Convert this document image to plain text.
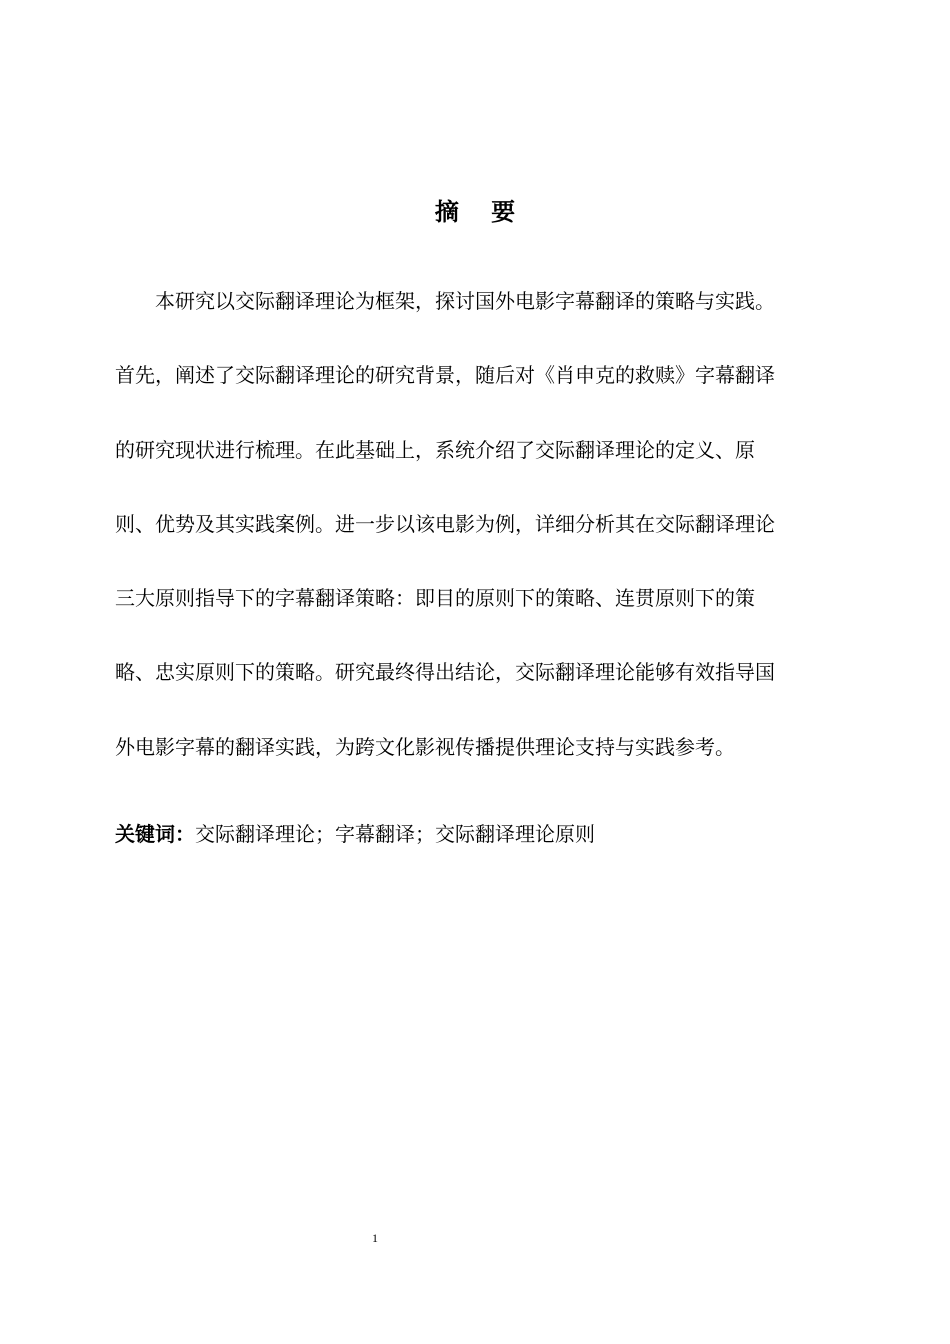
摘 要
本研究以交际翻译理论为框架，探讨国外电影字幕翻译的策略与实践。
首先，阐述了交际翻译理论的研究背景，随后对《肖申克的救赎》字幕翻译
的研究现状进行梳理。在此基础上，系统介绍了交际翻译理论的定义、原
则、优势及其实践案例。进一步以该电影为例，详细分析其在交际翻译理论
三大原则指导下的字幕翻译策略：即目的原则下的策略、连贯原则下的策
略、忠实原则下的策略。研究最终得出结论，交际翻译理论能够有效指导国
外电影字幕的翻译实践，为跨文化影视传播提供理论支持与实践参考。
关键词：交际翻译理论；字幕翻译；交际翻译理论原则
1
